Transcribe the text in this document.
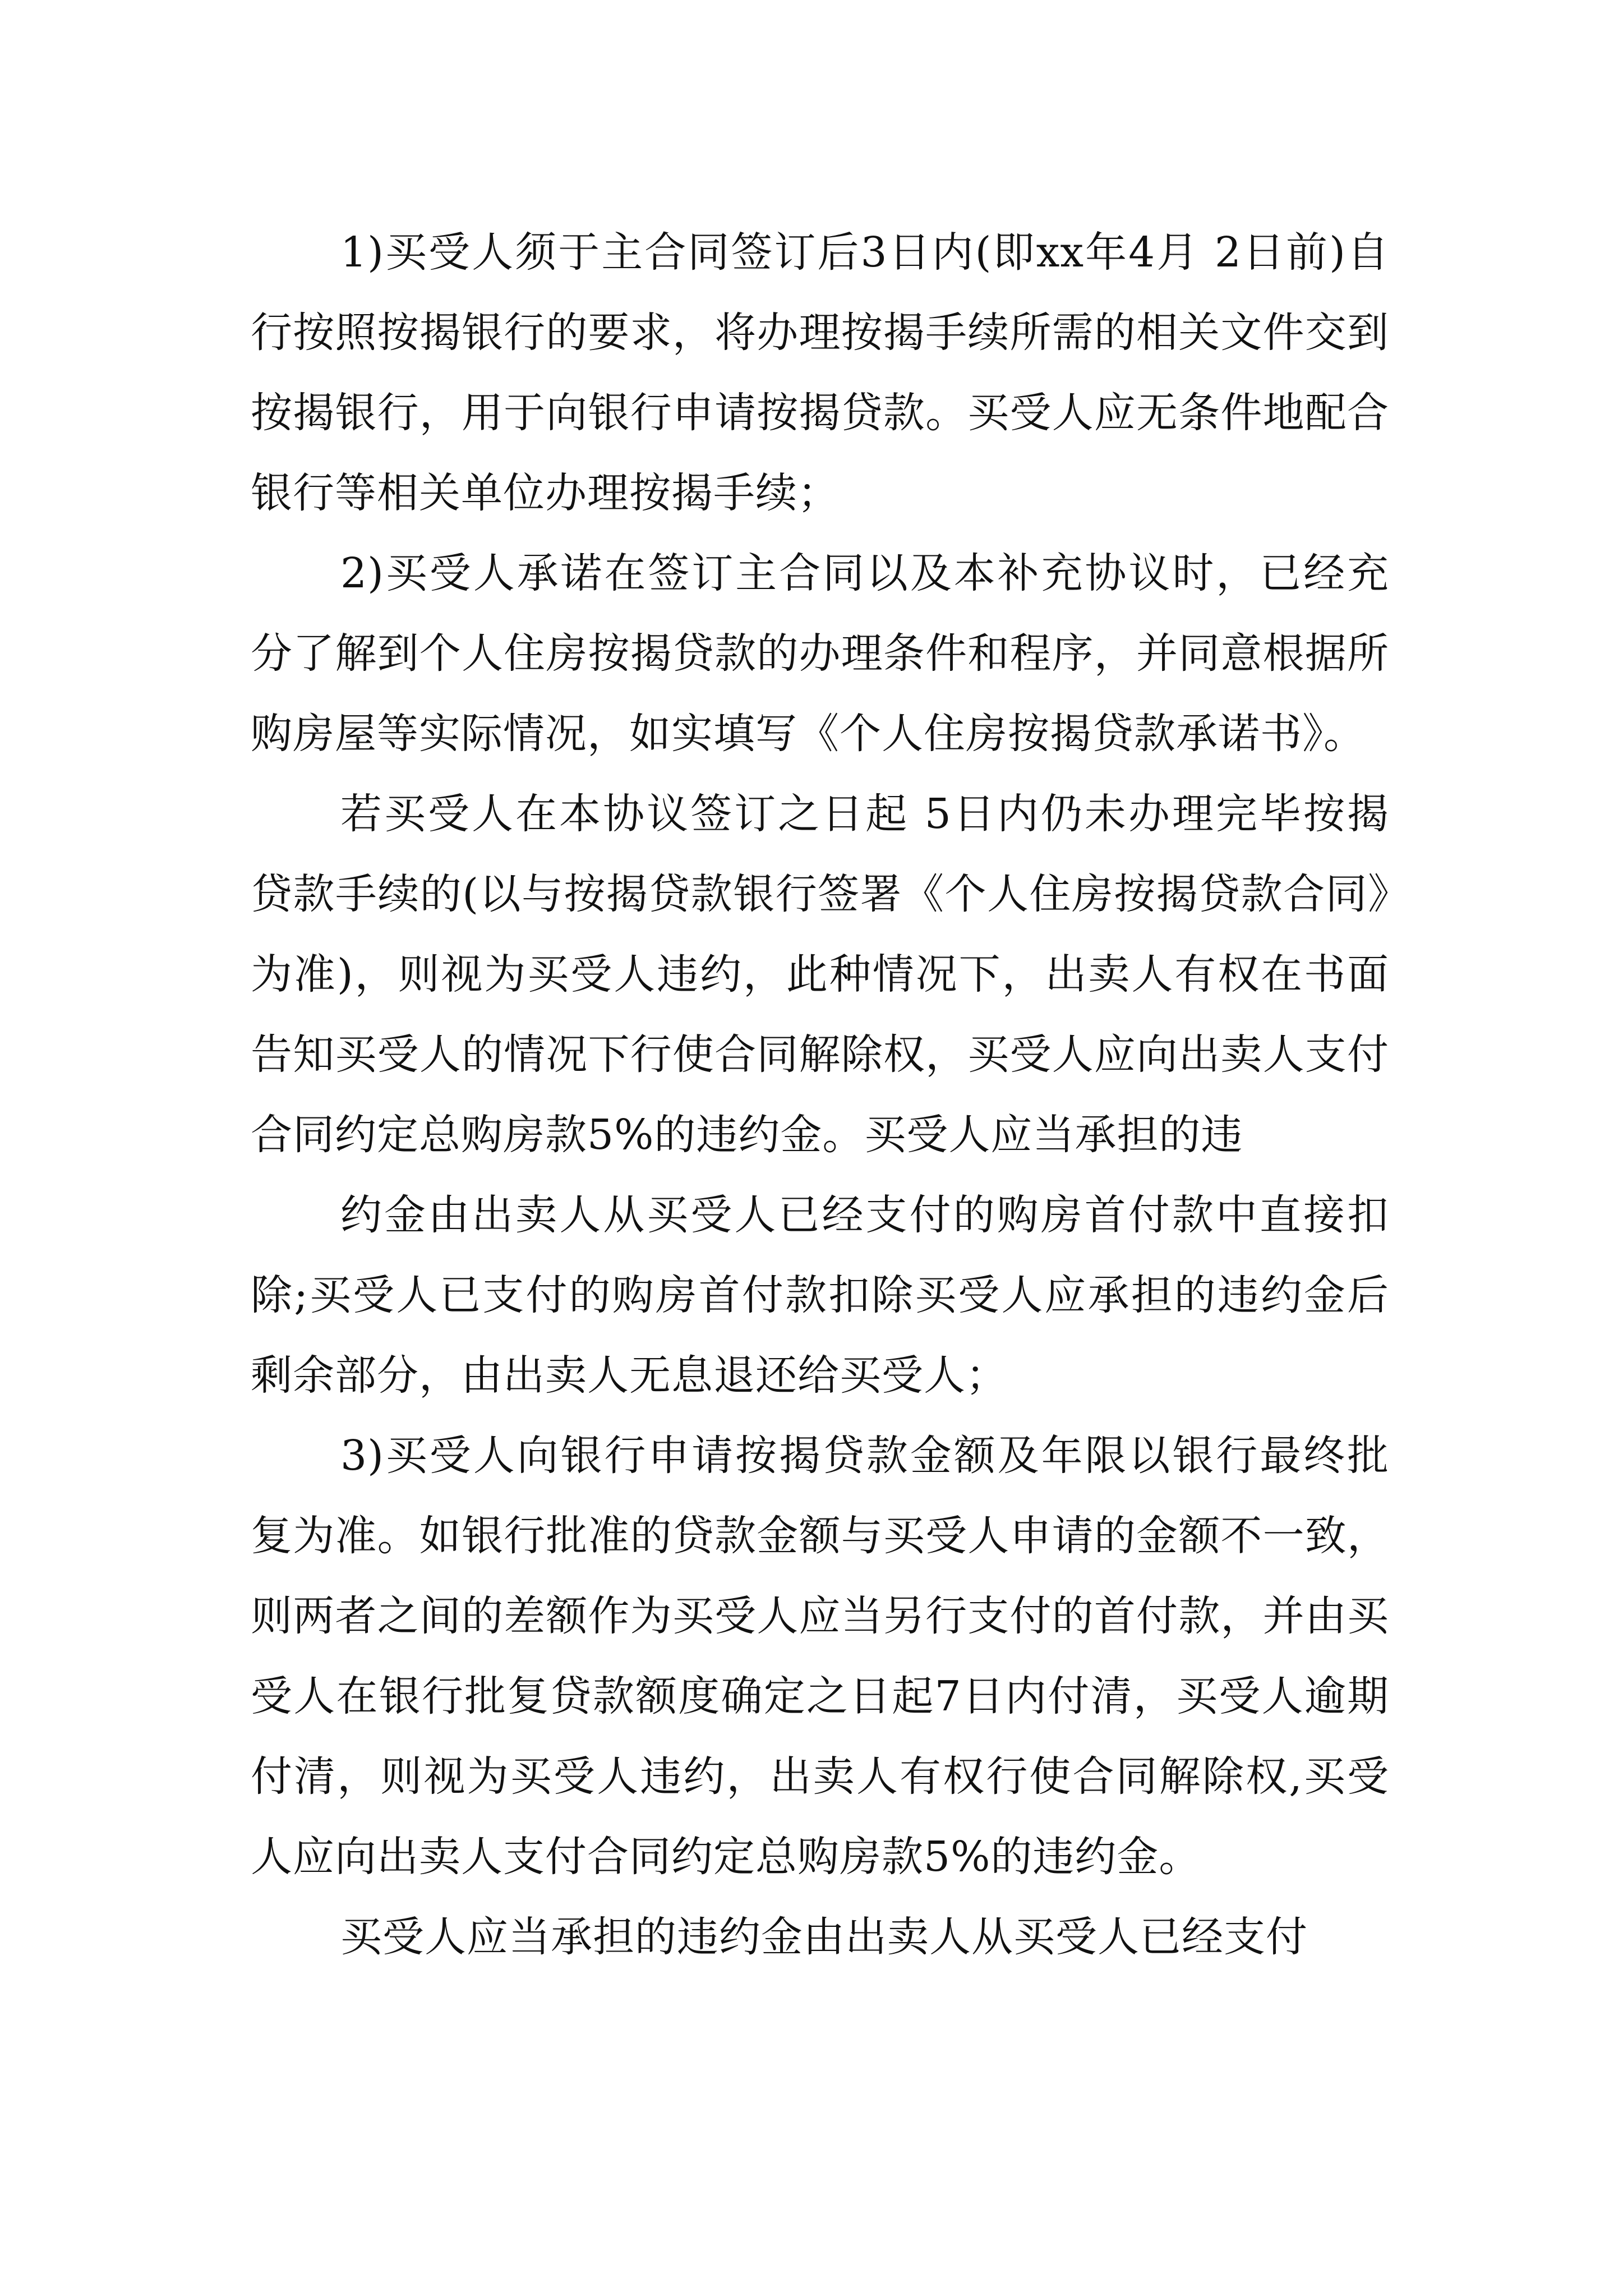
1)买受人须于主合同签订后3日内(即xx年4月 2日前)自行按照按揭银行的要求，将办理按揭手续所需的相关文件交到按揭银行，用于向银行申请按揭贷款。买受人应无条件地配合银行等相关单位办理按揭手续；

2)买受人承诺在签订主合同以及本补充协议时，已经充分了解到个人住房按揭贷款的办理条件和程序，并同意根据所购房屋等实际情况，如实填写《个人住房按揭贷款承诺书》。

若买受人在本协议签订之日起 5日内仍未办理完毕按揭贷款手续的(以与按揭贷款银行签署《个人住房按揭贷款合同》为准)，则视为买受人违约，此种情况下，出卖人有权在书面告知买受人的情况下行使合同解除权，买受人应向出卖人支付合同约定总购房款5%的违约金。买受人应当承担的违

约金由出卖人从买受人已经支付的购房首付款中直接扣除;买受人已支付的购房首付款扣除买受人应承担的违约金后剩余部分，由出卖人无息退还给买受人；

3)买受人向银行申请按揭贷款金额及年限以银行最终批复为准。如银行批准的贷款金额与买受人申请的金额不一致，则两者之间的差额作为买受人应当另行支付的首付款，并由买受人在银行批复贷款额度确定之日起7日内付清，买受人逾期付清，则视为买受人违约，出卖人有权行使合同解除权,买受人应向出卖人支付合同约定总购房款5%的违约金。

买受人应当承担的违约金由出卖人从买受人已经支付
